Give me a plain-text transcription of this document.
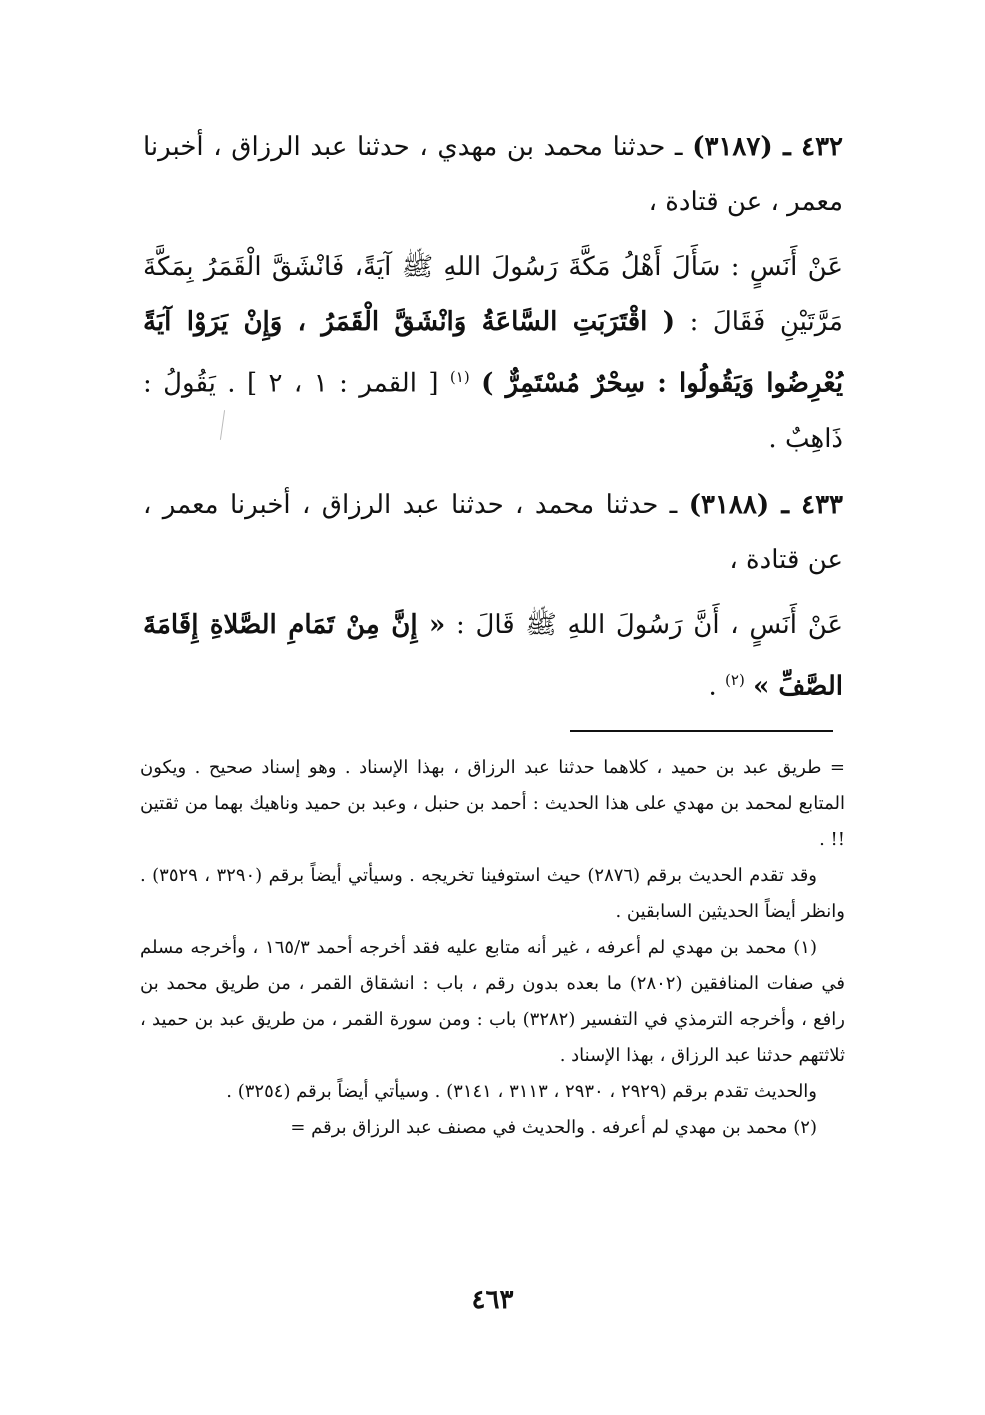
٤٣٢ ـ (٣١٨٧) ـ حدثنا محمد بن مهدي ، حدثنا عبد الرزاق ، أخبرنا معمر ، عن قتادة ،
عَنْ أَنَسٍ : سَأَلَ أَهْلُ مَكَّةَ رَسُولَ اللهِ ﷺ آيَةً، فَانْشَقَّ الْقَمَرُ بِمَكَّةَ مَرَّتَيْنِ فَقَالَ : ( اقْتَرَبَتِ السَّاعَةُ وَانْشَقَّ الْقَمَرُ ، وَإِنْ يَرَوْا آيَةً يُعْرِضُوا وَيَقُولُوا : سِحْرٌ مُسْتَمِرٌّ ) $^{(١)}$ [ القمر : ١ ، ٢ ] . يَقُولُ : ذَاهِبٌ .
٤٣٣ ـ (٣١٨٨) ـ حدثنا محمد ، حدثنا عبد الرزاق ، أخبرنا معمر ، عن قتادة ،
عَنْ أَنَسٍ ، أَنَّ رَسُولَ اللهِ ﷺ قَالَ : « إِنَّ مِنْ تَمَامِ الصَّلاةِ إِقَامَةَ الصَّفِّ » $^{(٢)}$ .

= طريق عبد بن حميد ، كلاهما حدثنا عبد الرزاق ، بهذا الإسناد . وهو إسناد صحيح . ويكون المتابع لمحمد بن مهدي على هذا الحديث : أحمد بن حنبل ، وعبد بن حميد وناهيك بهما من ثقتين !! .

وقد تقدم الحديث برقم (٢٨٧٦) حيث استوفينا تخريجه . وسيأتي أيضاً برقم (٣٢٩٠ ، ٣٥٢٩) . وانظر أيضاً الحديثين السابقين .

(١) محمد بن مهدي لم أعرفه ، غير أنه متابع عليه فقد أخرجه أحمد ١٦٥/٣ ، وأخرجه مسلم في صفات المنافقين (٢٨٠٢) ما بعده بدون رقم ، باب : انشقاق القمر ، من طريق محمد بن رافع ، وأخرجه الترمذي في التفسير (٣٢٨٢) باب : ومن سورة القمر ، من طريق عبد بن حميد ، ثلاثتهم حدثنا عبد الرزاق ، بهذا الإسناد .

والحديث تقدم برقم (٢٩٢٩ ، ٢٩٣٠ ، ٣١١٣ ، ٣١٤١) . وسيأتي أيضاً برقم (٣٢٥٤) .

(٢) محمد بن مهدي لم أعرفه . والحديث في مصنف عبد الرزاق برقم =

٤٦٣
